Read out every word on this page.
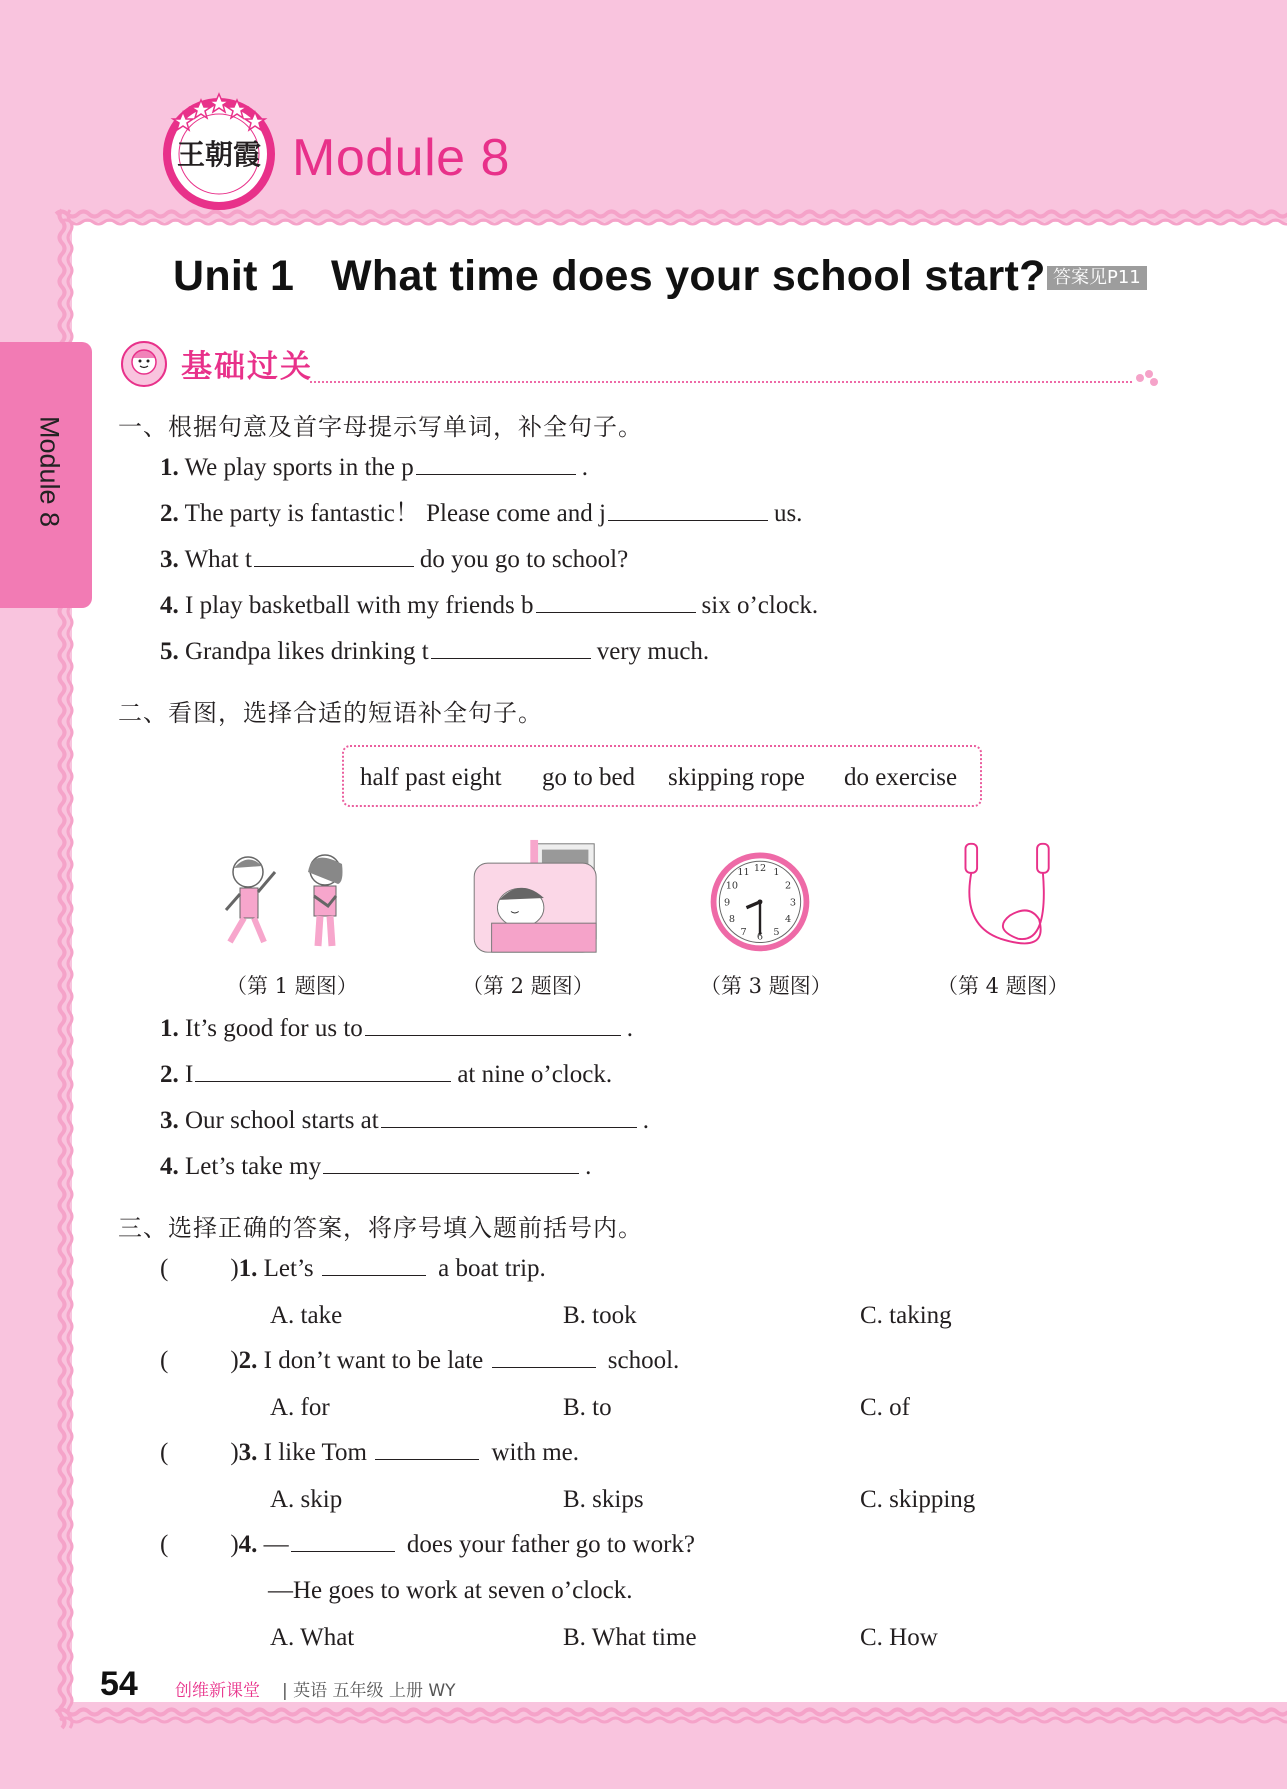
王朝霞 Module 8
Module 8
Unit 1   What time does your school start? 答案见P11
基础过关
一、根据句意及首字母提示写单词，补全句子。
1. We play sports in the p	.
2. The party is fantastic！ Please come and j	us.
3. What t	do you go to school?
4. I play basketball with my friends b	six o’clock.
5. Grandpa likes drinking t	very much.
二、看图，选择合适的短语补全句子。
half past eight go to bed skipping rope do exercise
12 1
2
3
4
5
6
7
8
9
10
11
（第 1 题图）	（第 2 题图）	（第 3 题图）	（第 4 题图）
1. It’s good for us to	.
2. I	at nine o’clock.
3. Our school starts at	.
4. Let’s take my	.
三、选择正确的答案，将序号填入题前括号内。
( )1. Let’s	a boat trip.
A. take	B. took	C. taking
( )2. I don’t want to be late	school.
A. for	B. to	C. of
( )3. I like Tom	with me.
A. skip	B. skips	C. skipping
( )4. —	does your father go to work?
—He goes to work at seven o’clock.
A. What	B. What time	C. How
54 创维新课堂 | 英语 五年级 上册 WY
